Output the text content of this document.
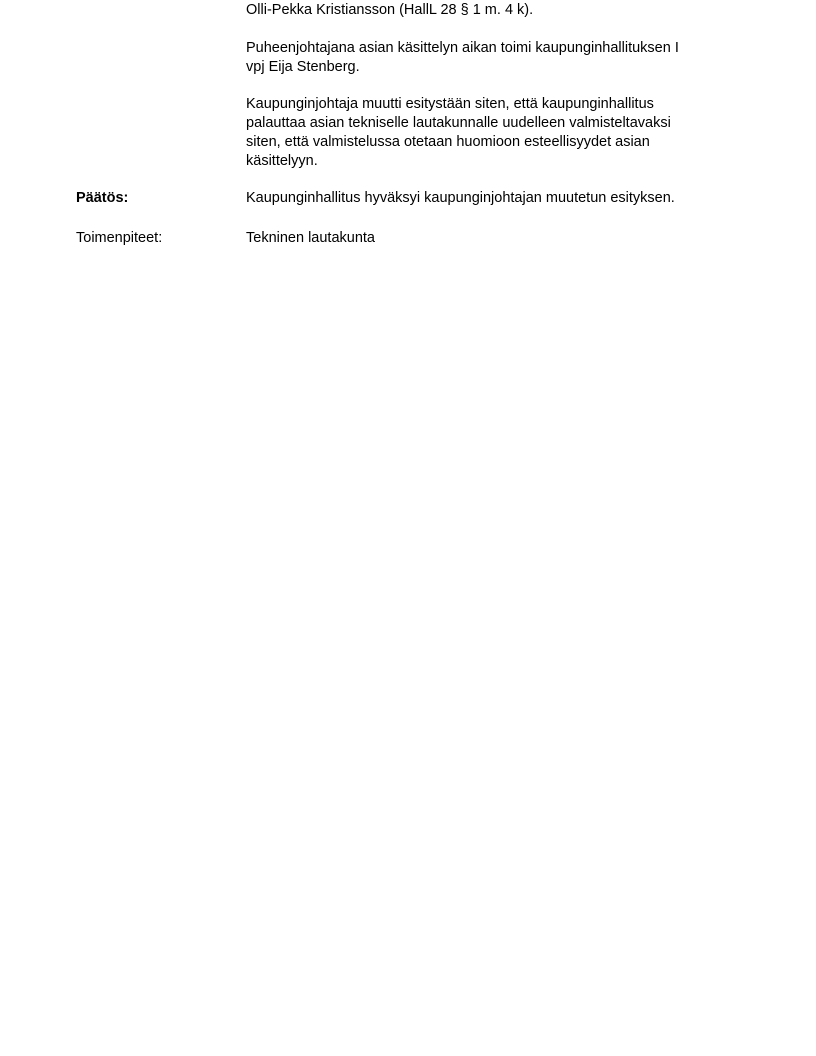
Olli-Pekka Kristiansson (HallL 28 § 1 m. 4 k).

Puheenjohtajana asian käsittelyn aikan toimi kaupunginhallituksen I
vpj Eija Stenberg.

Kaupunginjohtaja muutti esitystään siten, että kaupunginhallitus
palauttaa asian tekniselle lautakunnalle uudelleen valmisteltavaksi
siten, että valmistelussa otetaan huomioon esteellisyydet asian
käsittelyyn.

Päätös:	Kaupunginhallitus hyväksyi kaupunginjohtajan muutetun esityksen.

Toimenpiteet:	Tekninen lautakunta
